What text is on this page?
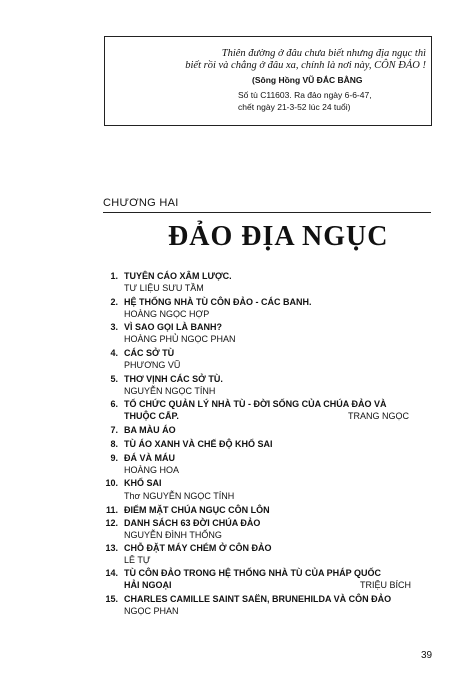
Thiên đường ở đâu chưa biết nhưng địa ngục thì
biết rồi và chẳng ở đâu xa, chính là nơi này, CÔN ĐẢO !
(Sông Hồng VŨ ĐẮC BẰNG
Số tù C11603. Ra đảo ngày 6-6-47,
chết ngày 21-3-52 lúc 24 tuổi)
CHƯƠNG HAI
ĐẢO ĐỊA NGỤC
1. TUYÊN CÁO XÂM LƯỢC.
TƯ LIỆU SƯU TẦM
2. HỆ THỐNG NHÀ TÙ CÔN ĐẢO - CÁC BANH.
HOÀNG NGỌC HỢP
3. VÌ SAO GỌI LÀ BANH?
HOÀNG PHỦ NGỌC PHAN
4. CÁC SỞ TÙ
PHƯƠNG VŨ
5. THƠ VỊNH CÁC SỞ TÙ.
NGUYỄN NGỌC TÍNH
6. TỔ CHỨC QUẢN LÝ NHÀ TÙ - ĐỜI SỐNG CỦA CHÚA ĐẢO VÀ
THUỘC CẤP.	TRANG NGỌC
7. BA MÀU ÁO
8. TÙ ÁO XANH VÀ CHẾ ĐỘ KHỔ SAI
9. ĐÁ VÀ MÁU
HOÀNG HOA
10. KHỔ SAI
Thơ NGUYỄN NGỌC TÍNH
11. ĐIỂM MẶT CHÚA NGỤC CÔN LÔN
12. DANH SÁCH 63 ĐỜI CHÚA ĐẢO
NGUYỄN ĐÌNH THỐNG
13. CHỖ ĐẶT MÁY CHÉM Ở CÔN ĐẢO
LÊ TỰ
14. TÙ CÔN ĐẢO TRONG HỆ THỐNG NHÀ TÙ CỦA PHÁP QUỐC
HẢI NGOẠI	TRIỆU BÍCH
15. CHARLES CAMILLE SAINT SAËN, BRUNEHILDA VÀ CÔN ĐẢO
NGỌC PHAN
39
